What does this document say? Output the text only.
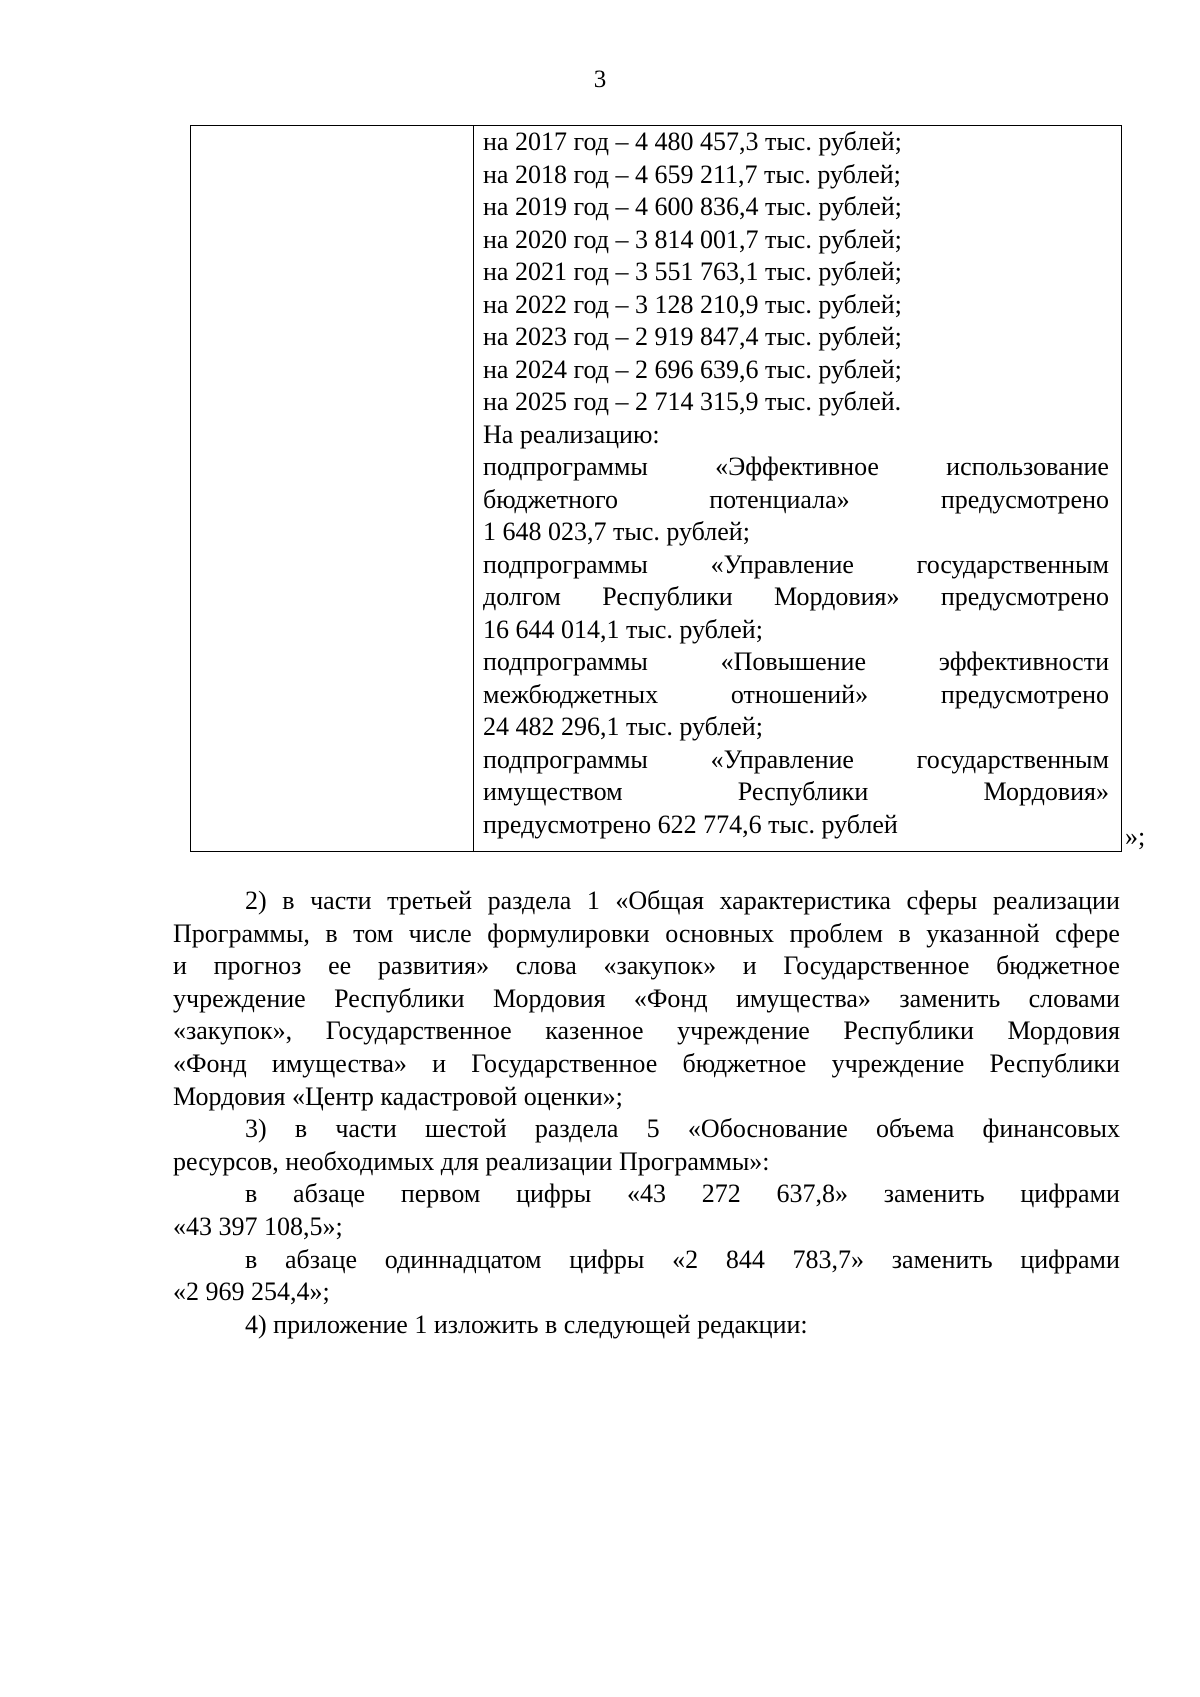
3
на 2017 год – 4 480 457,3 тыс. рублей;
на 2018 год – 4 659 211,7 тыс. рублей;
на 2019 год – 4 600 836,4 тыс. рублей;
на 2020 год – 3 814 001,7 тыс. рублей;
на 2021 год – 3 551 763,1 тыс. рублей;
на 2022 год – 3 128 210,9 тыс. рублей;
на 2023 год – 2 919 847,4 тыс. рублей;
на 2024 год – 2 696 639,6 тыс. рублей;
на 2025 год – 2 714 315,9 тыс. рублей.
На реализацию:
подпрограммы	«Эффективное	использование
бюджетного	потенциала»	предусмотрено
1 648 023,7 тыс. рублей;
подпрограммы «Управление государственным
долгом Республики Мордовия» предусмотрено
16 644 014,1 тыс. рублей;
подпрограммы	«Повышение	эффективности
межбюджетных	отношений»	предусмотрено
24 482 296,1 тыс. рублей;
подпрограммы «Управление государственным
имуществом	Республики	Мордовия»
предусмотрено 622 774,6 тыс. рублей	»;
2) в части третьей раздела 1 «Общая характеристика сферы реализации
Программы, в том числе формулировки основных проблем в указанной сфере
и прогноз ее развития» слова «закупок» и Государственное бюджетное
учреждение Республики Мордовия «Фонд имущества» заменить словами
«закупок», Государственное казенное учреждение Республики Мордовия
«Фонд имущества» и Государственное бюджетное учреждение Республики
Мордовия «Центр кадастровой оценки»;
3) в части шестой раздела 5 «Обоснование объема финансовых
ресурсов, необходимых для реализации Программы»:
в абзаце первом цифры «43 272 637,8» заменить цифрами
«43 397 108,5»;
в абзаце одиннадцатом цифры «2 844 783,7» заменить цифрами
«2 969 254,4»;
4) приложение 1 изложить в следующей редакции:
